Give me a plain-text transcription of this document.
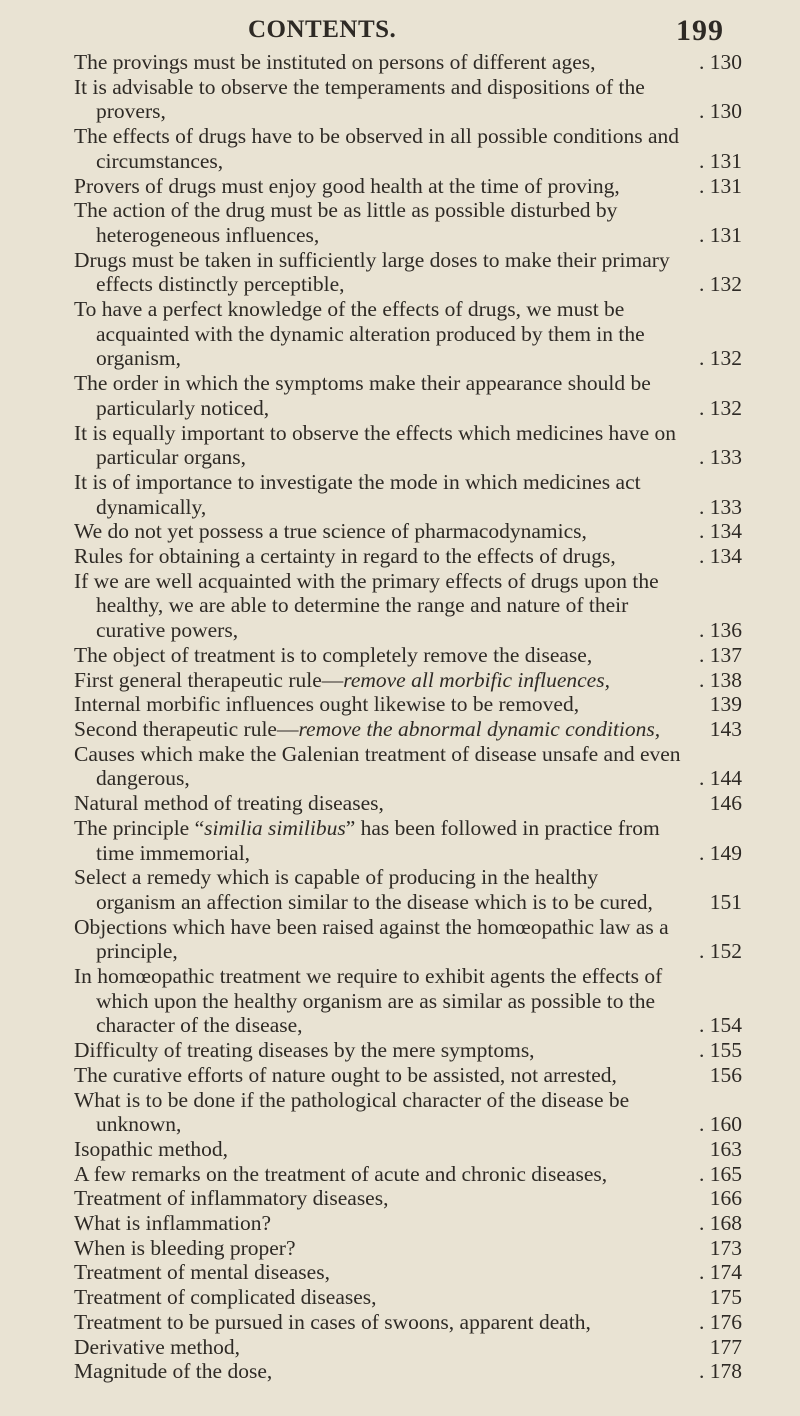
CONTENTS.	199
The provings must be instituted on persons of different ages,	. 130
It is advisable to observe the temperaments and dispositions of the provers,	. 130
The effects of drugs have to be observed in all possible conditions and circumstances,	. 131
Provers of drugs must enjoy good health at the time of proving,	. 131
The action of the drug must be as little as possible disturbed by heterogeneous influences,	. 131
Drugs must be taken in sufficiently large doses to make their primary effects distinctly perceptible,	. 132
To have a perfect knowledge of the effects of drugs, we must be acquainted with the dynamic alteration produced by them in the organism,	. 132
The order in which the symptoms make their appearance should be particularly noticed,	. 132
It is equally important to observe the effects which medicines have on particular organs,	. 133
It is of importance to investigate the mode in which medicines act dynamically,	. 133
We do not yet possess a true science of pharmacodynamics,	. 134
Rules for obtaining a certainty in regard to the effects of drugs,	. 134
If we are well acquainted with the primary effects of drugs upon the healthy, we are able to determine the range and nature of their curative powers,	. 136
The object of treatment is to completely remove the disease,	. 137
First general therapeutic rule—remove all morbific influences,	. 138
Internal morbific influences ought likewise to be removed,	139
Second therapeutic rule—remove the abnormal dynamic conditions,	143
Causes which make the Galenian treatment of disease unsafe and even dangerous,	. 144
Natural method of treating diseases,	146
The principle “similia similibus” has been followed in practice from time immemorial,	. 149
Select a remedy which is capable of producing in the healthy organism an affection similar to the disease which is to be cured,	151
Objections which have been raised against the homœopathic law as a principle,	. 152
In homœopathic treatment we require to exhibit agents the effects of which upon the healthy organism are as similar as possible to the character of the disease,	. 154
Difficulty of treating diseases by the mere symptoms,	. 155
The curative efforts of nature ought to be assisted, not arrested,	156
What is to be done if the pathological character of the disease be unknown,	. 160
Isopathic method,	163
A few remarks on the treatment of acute and chronic diseases,	. 165
Treatment of inflammatory diseases,	166
What is inflammation?	. 168
When is bleeding proper?	173
Treatment of mental diseases,	. 174
Treatment of complicated diseases,	175
Treatment to be pursued in cases of swoons, apparent death,	. 176
Derivative method,	177
Magnitude of the dose,	. 178
